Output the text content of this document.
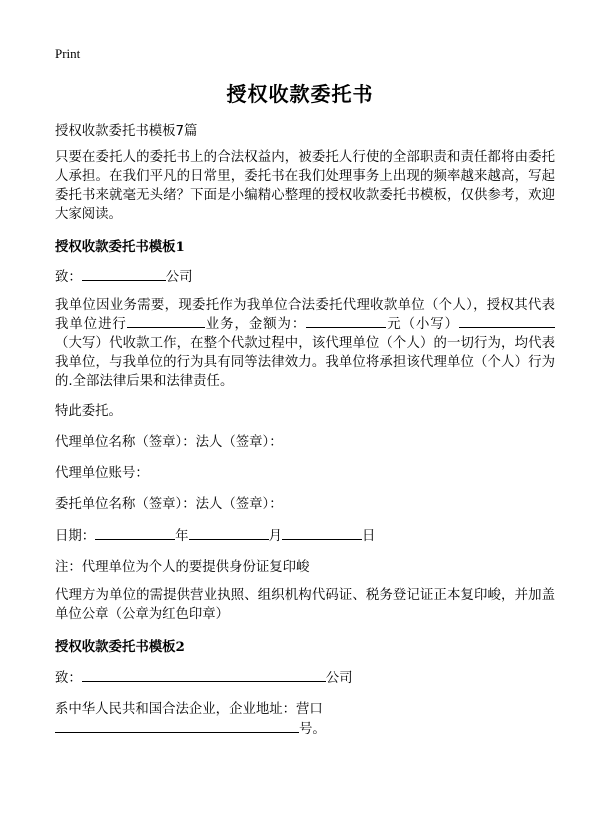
Print
授权收款委托书
授权收款委托书模板7篇
只要在委托人的委托书上的合法权益内，被委托人行使的全部职责和责任都将由委托人承担。在我们平凡的日常里，委托书在我们处理事务上出现的频率越来越高，写起委托书来就毫无头绪？下面是小编精心整理的授权收款委托书模板，仅供参考，欢迎大家阅读。
授权收款委托书模板1
致：	公司
我单位因业务需要，现委托作为我单位合法委托代理收款单位（个人），授权其代表我单位进行	业务，金额为：	元（小写）（大写）代收款工作，在整个代款过程中，该代理单位（个人）的一切行为，均代表我单位，与我单位的行为具有同等法律效力。我单位将承担该代理单位（个人）行为的.全部法律后果和法律责任。
特此委托。
代理单位名称（签章）：法人（签章）：
代理单位账号：
委托单位名称（签章）：法人（签章）：
日期：	年	月	日
注：代理单位为个人的要提供身份证复印峻
代理方为单位的需提供营业执照、组织机构代码证、税务登记证正本复印峻，并加盖单位公章（公章为红色印章）
授权收款委托书模板2
致：	公司
系中华人民共和国合法企业，企业地址：营口
号。
